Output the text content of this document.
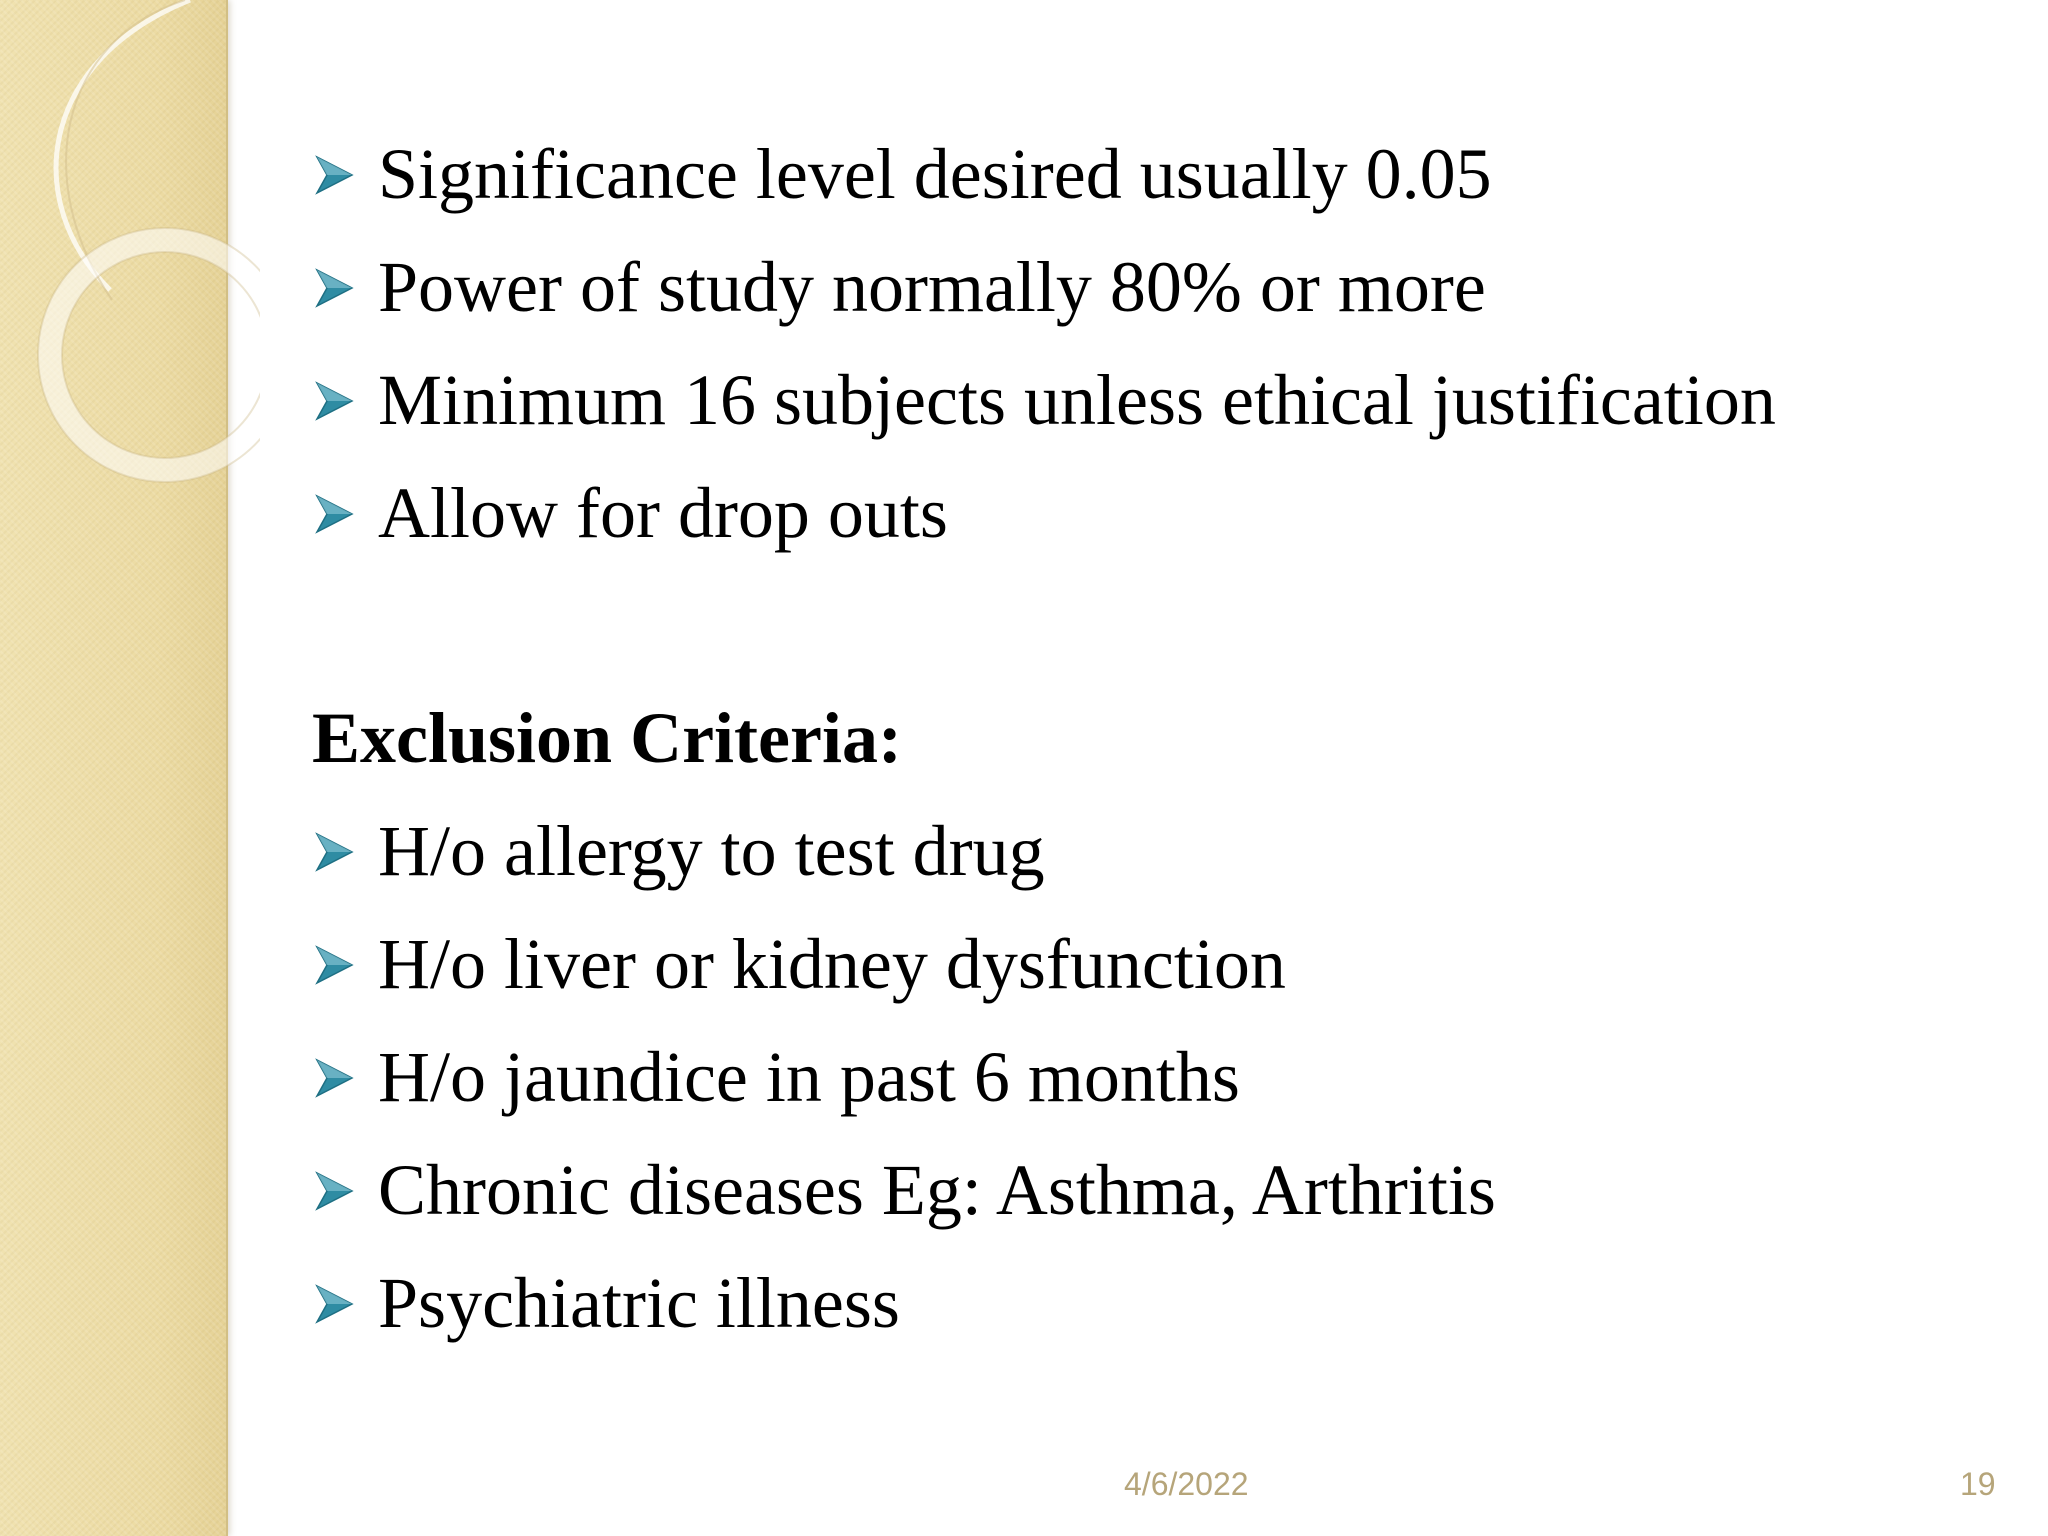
Significance level desired usually 0.05
Power of study normally 80% or more
Minimum 16 subjects unless ethical justification
Allow for drop outs
Exclusion Criteria:
H/o allergy to test drug
H/o liver or kidney dysfunction
H/o jaundice in past 6 months
Chronic diseases Eg: Asthma, Arthritis
Psychiatric illness
4/6/2022	19
